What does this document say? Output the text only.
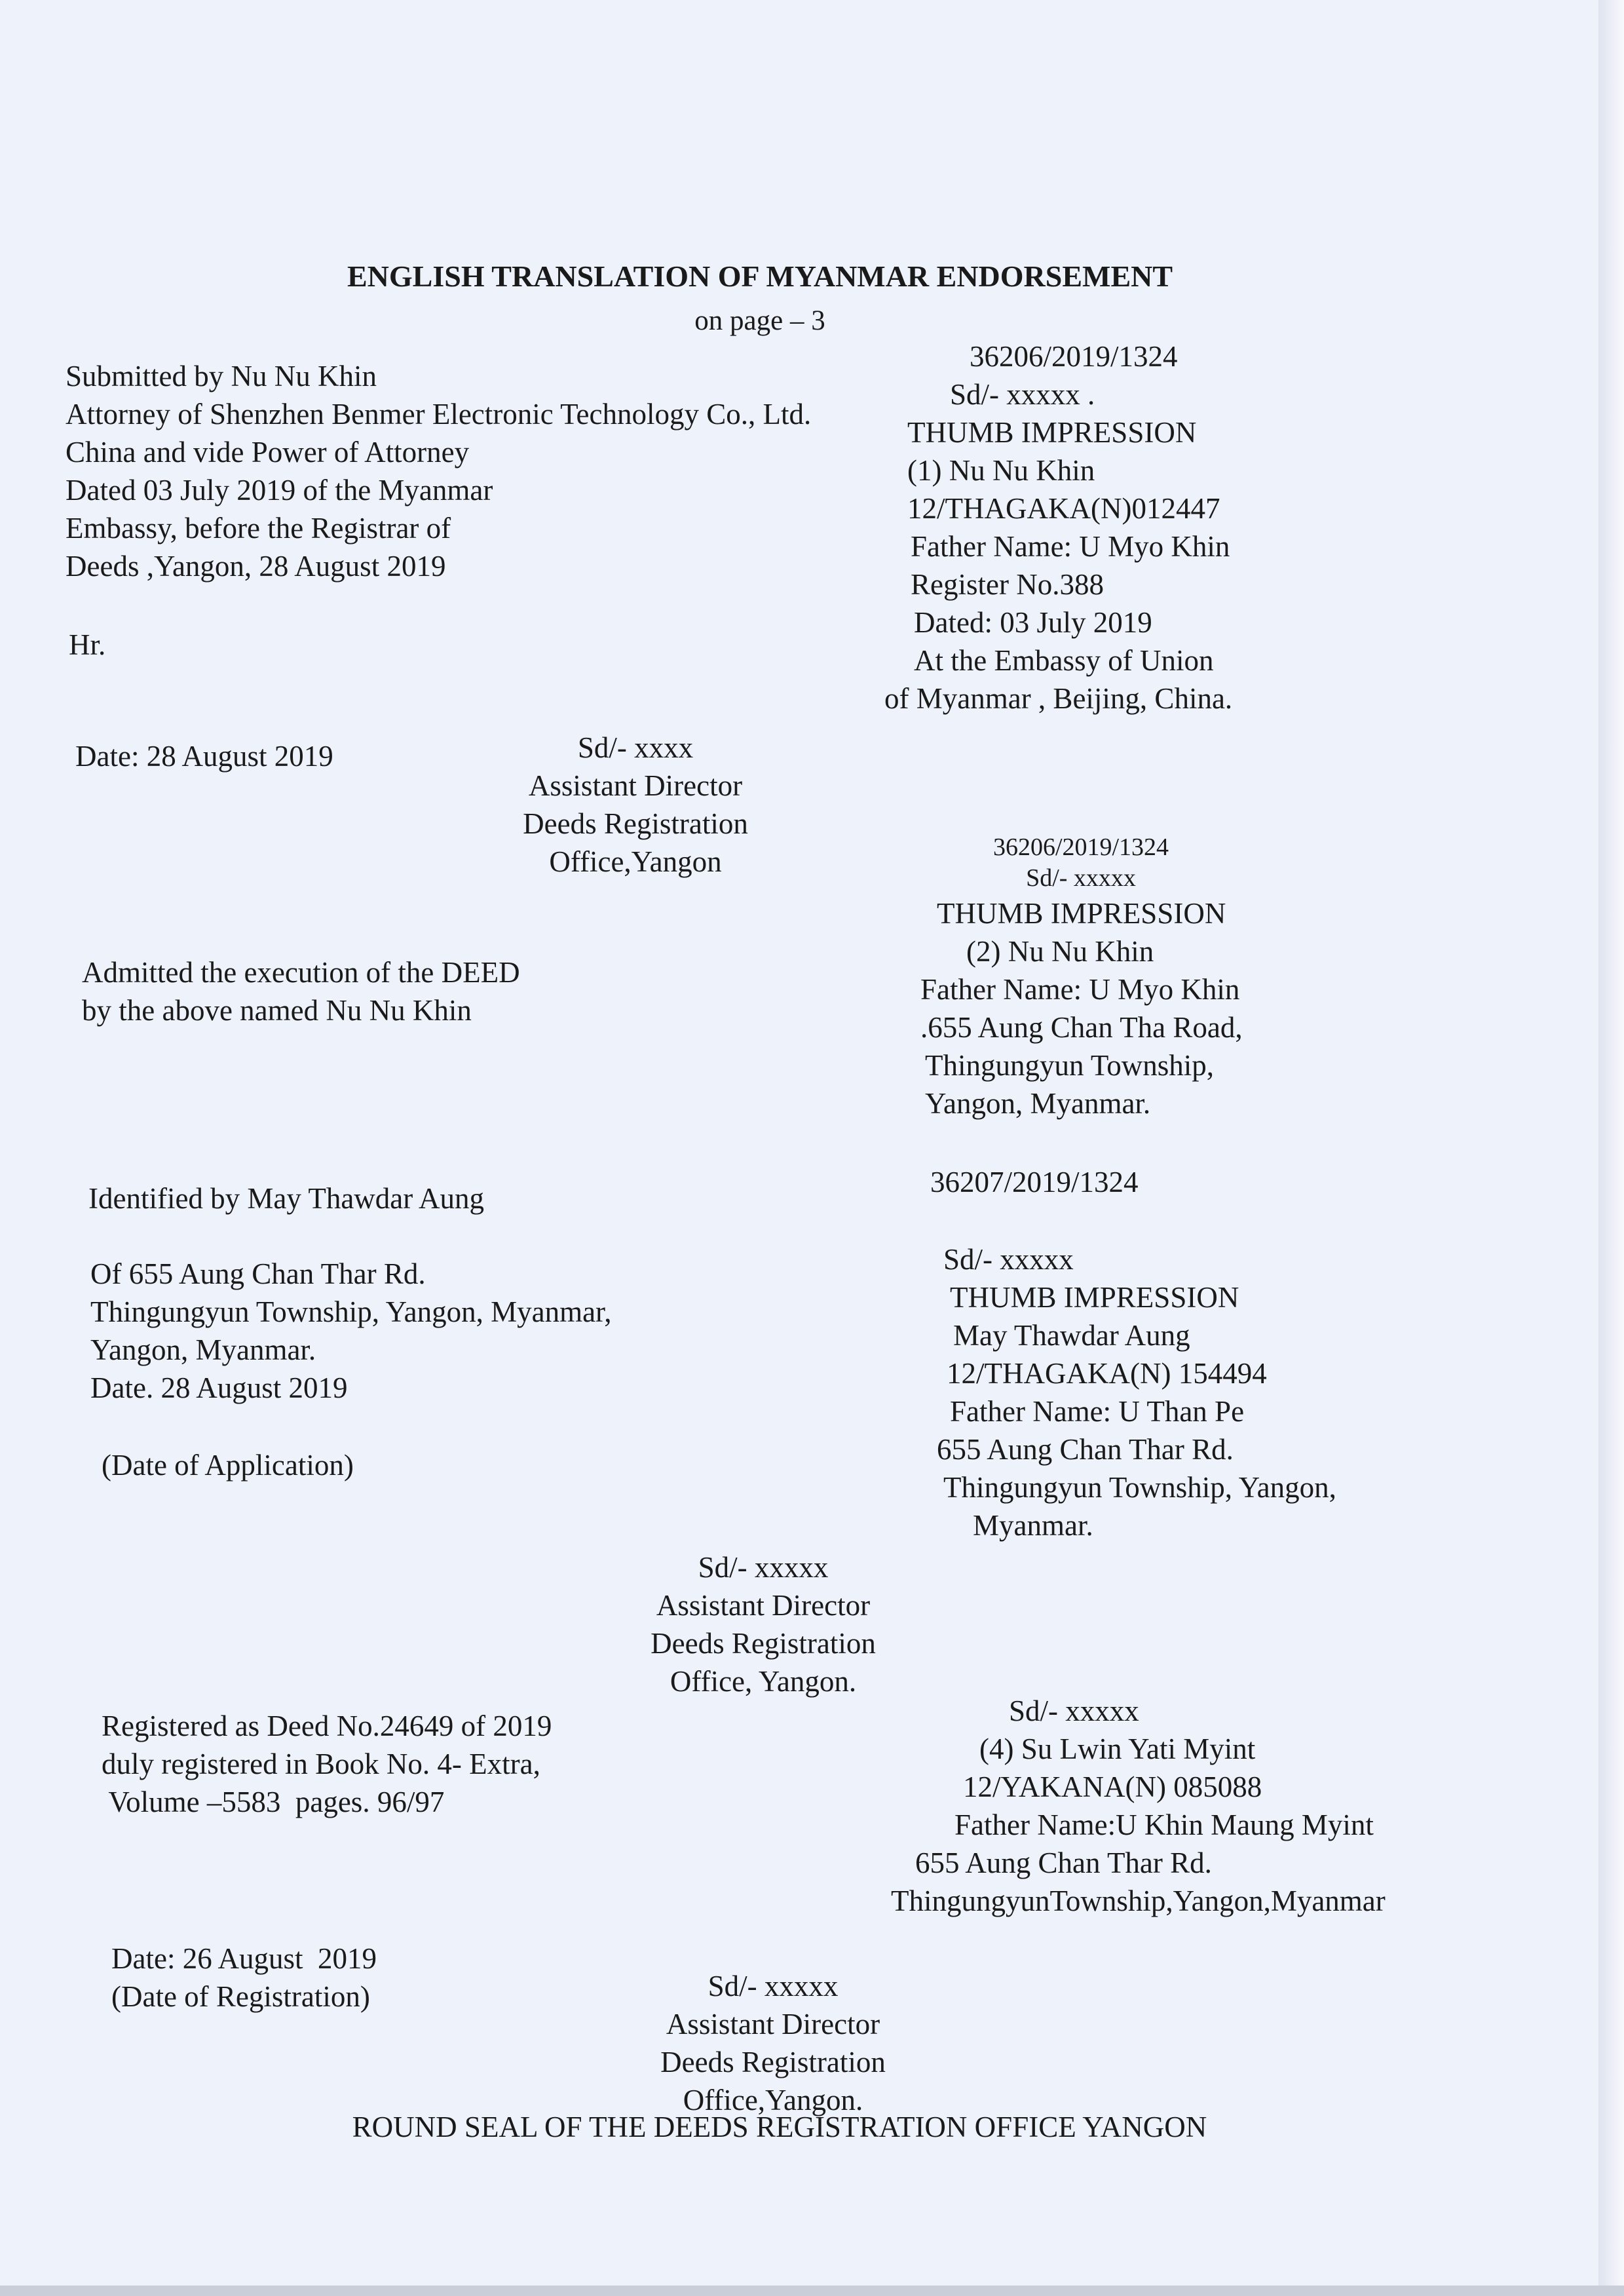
ENGLISH TRANSLATION OF MYANMAR ENDORSEMENT
on page – 3
Submitted by Nu Nu Khin
Attorney of Shenzhen Benmer Electronic Technology Co., Ltd.
China and vide Power of Attorney
Dated 03 July 2019 of the Myanmar
Embassy, before the Registrar of
Deeds ,Yangon, 28 August 2019
Hr.
36206/2019/1324
Sd/- xxxxx .
THUMB IMPRESSION
(1) Nu Nu Khin
12/THAGAKA(N)012447
Father Name: U Myo Khin
Register No.388
Dated: 03 July 2019
At the Embassy of Union
of Myanmar , Beijing, China.
Date: 28 August 2019	Sd/- xxxx
Assistant Director
Deeds Registration
Office,Yangon	36206/2019/1324
Sd/- xxxxx
THUMB IMPRESSION
(2) Nu Nu Khin
Father Name: U Myo Khin
.655 Aung Chan Tha Road,
Thingungyun Township,
Yangon, Myanmar.
Admitted the execution of the DEED
by the above named Nu Nu Khin
Identified by May Thawdar Aung
Of 655 Aung Chan Thar Rd.
Thingungyun Township, Yangon, Myanmar,
Yangon, Myanmar.
Date. 28 August 2019
(Date of Application)
36207/2019/1324
Sd/- xxxxx
THUMB IMPRESSION
May Thawdar Aung
12/THAGAKA(N) 154494
Father Name: U Than Pe
655 Aung Chan Thar Rd.
Thingungyun Township, Yangon,
Myanmar.
Sd/- xxxxx
Assistant Director
Deeds Registration
Office, Yangon.
Registered as Deed No.24649 of 2019
duly registered in Book No. 4- Extra,
Volume –5583  pages. 96/97
Sd/- xxxxx
(4) Su Lwin Yati Myint
12/YAKANA(N) 085088
Father Name:U Khin Maung Myint
655 Aung Chan Thar Rd.
ThingungyunTownship,Yangon,Myanmar
Date: 26 August  2019
(Date of Registration)	Sd/- xxxxx
Assistant Director
Deeds Registration
Office,Yangon.
ROUND SEAL OF THE DEEDS REGISTRATION OFFICE YANGON
